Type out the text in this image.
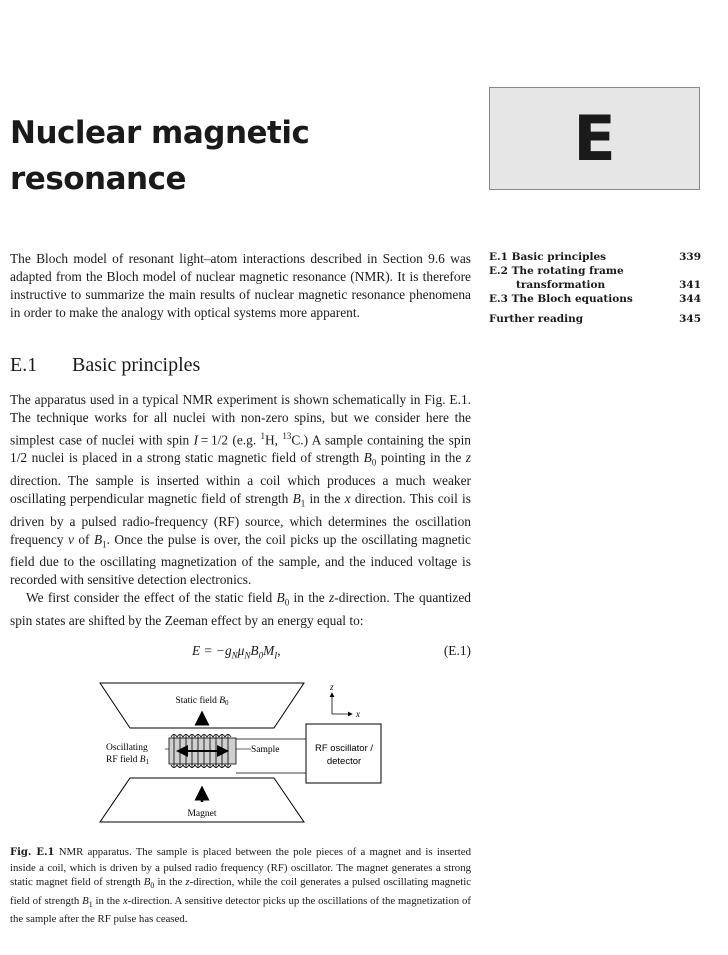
Nuclear magnetic
resonance
E
E.1 Basic principles	339
E.2 The rotating frame
transformation	341
E.3 The Bloch equations	344
Further reading	345

The Bloch model of resonant light–atom interactions described in Section 9.6 was adapted from the Bloch model of nuclear magnetic resonance (NMR). It is therefore instructive to summarize the main results of nuclear magnetic resonance phenomena in order to make the analogy with optical systems more apparent.

E.1 Basic principles

The apparatus used in a typical NMR experiment is shown schematically in Fig. E.1. The technique works for all nuclei with non-zero spins, but we consider here the simplest case of nuclei with spin I = 1/2 (e.g. $^1$H, $^{13}$C.) A sample containing the spin 1/2 nuclei is placed in a strong static magnetic field of strength $B_0$ pointing in the z direction. The sample is inserted within a coil which produces a much weaker oscillating perpendicular magnetic field of strength $B_1$ in the x direction. This coil is driven by a pulsed radio-frequency (RF) source, which determines the oscillation frequency ν of $B_1$. Once the pulse is over, the coil picks up the oscillating magnetic field due to the oscillating magnetization of the sample, and the induced voltage is recorded with sensitive detection electronics.

We first consider the effect of the static field $B_0$ in the z-direction. The quantized spin states are shifted by the Zeeman effect by an energy equal to:

$E = -g_N\mu_NB_0M_I$,	(E.1)
Static field $B_0$
Magnet
Oscillating
RF field $B_1$
Sample	RF oscillator /
detector
z
x
Fig. E.1 NMR apparatus. The sample is placed between the pole pieces of a magnet and is inserted inside a coil, which is driven by a pulsed radio frequency (RF) oscillator. The magnet generates a strong static magnet field of strength $B_0$ in the z-direction, while the coil generates a pulsed oscillating magnetic field of strength $B_1$ in the x-direction. A sensitive detector picks up the oscillations of the magnetization of the sample after the RF pulse has ceased.
